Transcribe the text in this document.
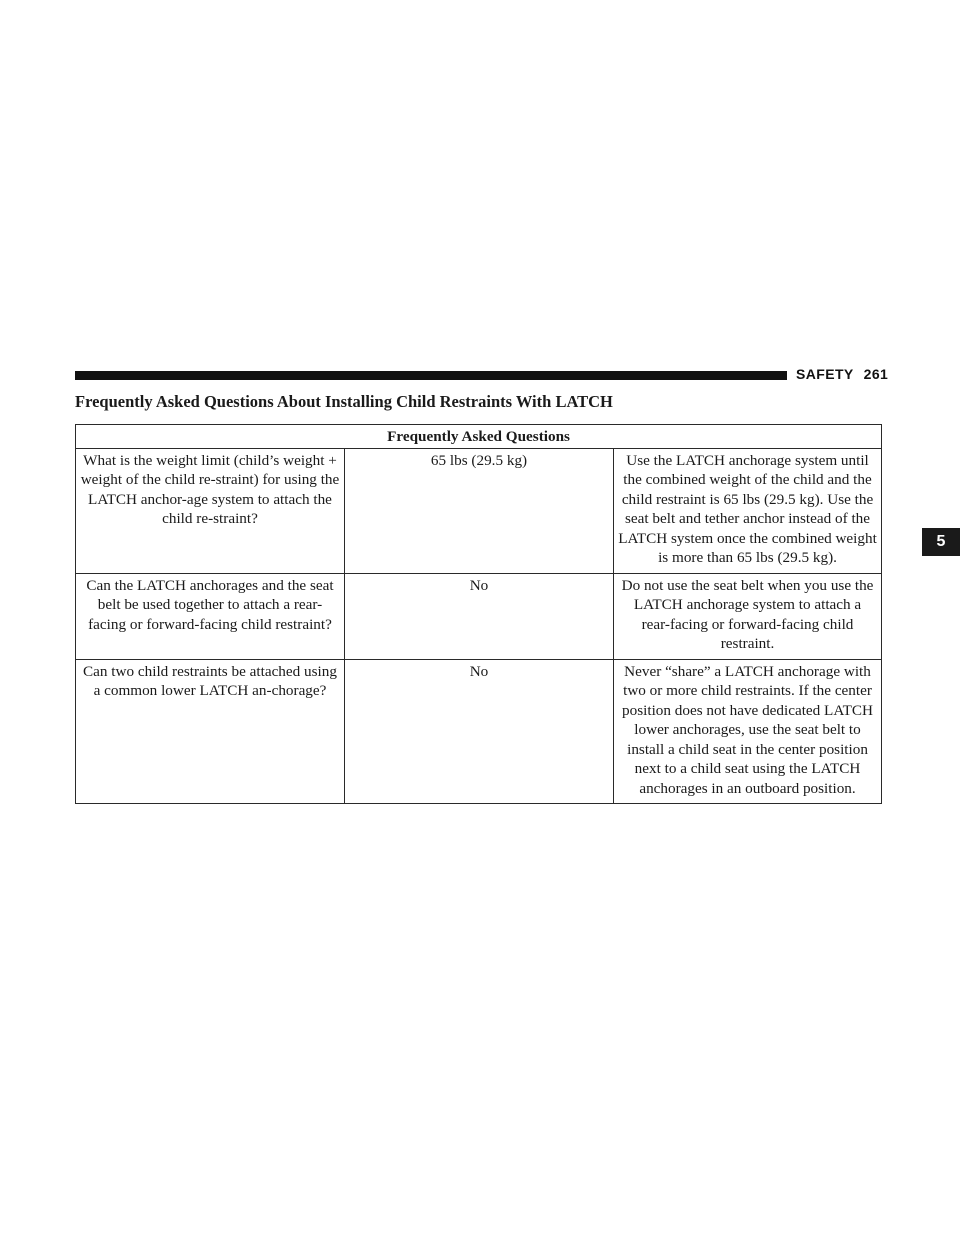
SAFETY 261
5
Frequently Asked Questions About Installing Child Restraints With LATCH
Frequently Asked Questions		
What is the weight limit (child’s weight + weight of the child re-straint) for using the LATCH anchor-age system to attach the child re-straint?	65 lbs (29.5 kg)	Use the LATCH anchorage system until the combined weight of the child and the child restraint is 65 lbs (29.5 kg). Use the seat belt and tether anchor instead of the LATCH system once the combined weight is more than 65 lbs (29.5 kg).
Can the LATCH anchorages and the seat belt be used together to attach a rear-facing or forward-facing child restraint?	No	Do not use the seat belt when you use the LATCH anchorage system to attach a rear-facing or forward-facing child restraint.
Can two child restraints be attached using a common lower LATCH an-chorage?	No	Never “share” a LATCH anchorage with two or more child restraints. If the center position does not have dedicated LATCH lower anchorages, use the seat belt to install a child seat in the center position next to a child seat using the LATCH anchorages in an outboard position.
